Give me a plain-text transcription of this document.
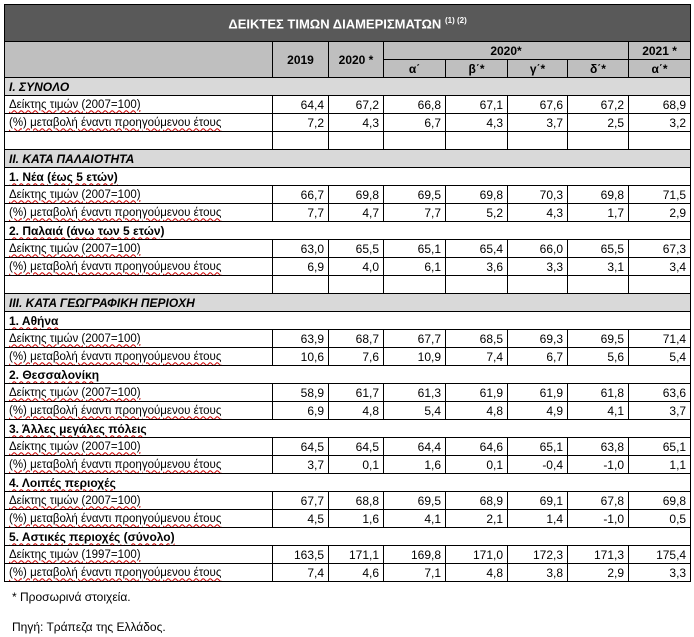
ΔΕΙΚΤΕΣ ΤΙΜΩΝ ΔΙΑΜΕΡΙΣΜΑΤΩΝ $^{(1) (2)}$
	2019	2020 *	2020*				2021 *
			α΄	β΄*	γ΄*	δ΄*	α΄*
Ι. ΣΥΝΟΛΟ							
Δείκτης τιμών (2007=100)	64,4	67,2	66,8	67,1	67,6	67,2	68,9
(%) μεταβολή έναντι προηγούμενου έτους	7,2	4,3	6,7	4,3	3,7	2,5	3,2

ΙΙ. ΚΑΤΑ ΠΑΛΑΙΟΤΗΤΑ							
1. Νέα (έως 5 ετών)							
Δείκτης τιμών (2007=100)	66,7	69,8	69,5	69,8	70,3	69,8	71,5
(%) μεταβολή έναντι προηγούμενου έτους	7,7	4,7	7,7	5,2	4,3	1,7	2,9
2. Παλαιά (άνω των 5 ετών)							
Δείκτης τιμών (2007=100)	63,0	65,5	65,1	65,4	66,0	65,5	67,3
(%) μεταβολή έναντι προηγούμενου έτους	6,9	4,0	6,1	3,6	3,3	3,1	3,4

ΙΙΙ. ΚΑΤΑ ΓΕΩΓΡΑΦΙΚΗ ΠΕΡΙΟΧΗ							
1. Αθήνα							
Δείκτης τιμών (2007=100)	63,9	68,7	67,7	68,5	69,3	69,5	71,4
(%) μεταβολή έναντι προηγούμενου έτους	10,6	7,6	10,9	7,4	6,7	5,6	5,4
2. Θεσσαλονίκη							
Δείκτης τιμών (2007=100)	58,9	61,7	61,3	61,9	61,9	61,8	63,6
(%) μεταβολή έναντι προηγούμενου έτους	6,9	4,8	5,4	4,8	4,9	4,1	3,7
3. Άλλες μεγάλες πόλεις							
Δείκτης τιμών (2007=100)	64,5	64,5	64,4	64,6	65,1	63,8	65,1
(%) μεταβολή έναντι προηγούμενου έτους	3,7	0,1	1,6	0,1	-0,4	-1,0	1,1
4. Λοιπές περιοχές							
Δείκτης τιμών (2007=100)	67,7	68,8	69,5	68,9	69,1	67,8	69,8
(%) μεταβολή έναντι προηγούμενου έτους	4,5	1,6	4,1	2,1	1,4	-1,0	0,5
5. Αστικές περιοχές (σύνολο)							
Δείκτης τιμών (1997=100)	163,5	171,1	169,8	171,0	172,3	171,3	175,4
(%) μεταβολή έναντι προηγούμενου έτους	7,4	4,6	7,1	4,8	3,8	2,9	3,3
* Προσωρινά στοιχεία.
Πηγή: Τράπεζα της Ελλάδος.
